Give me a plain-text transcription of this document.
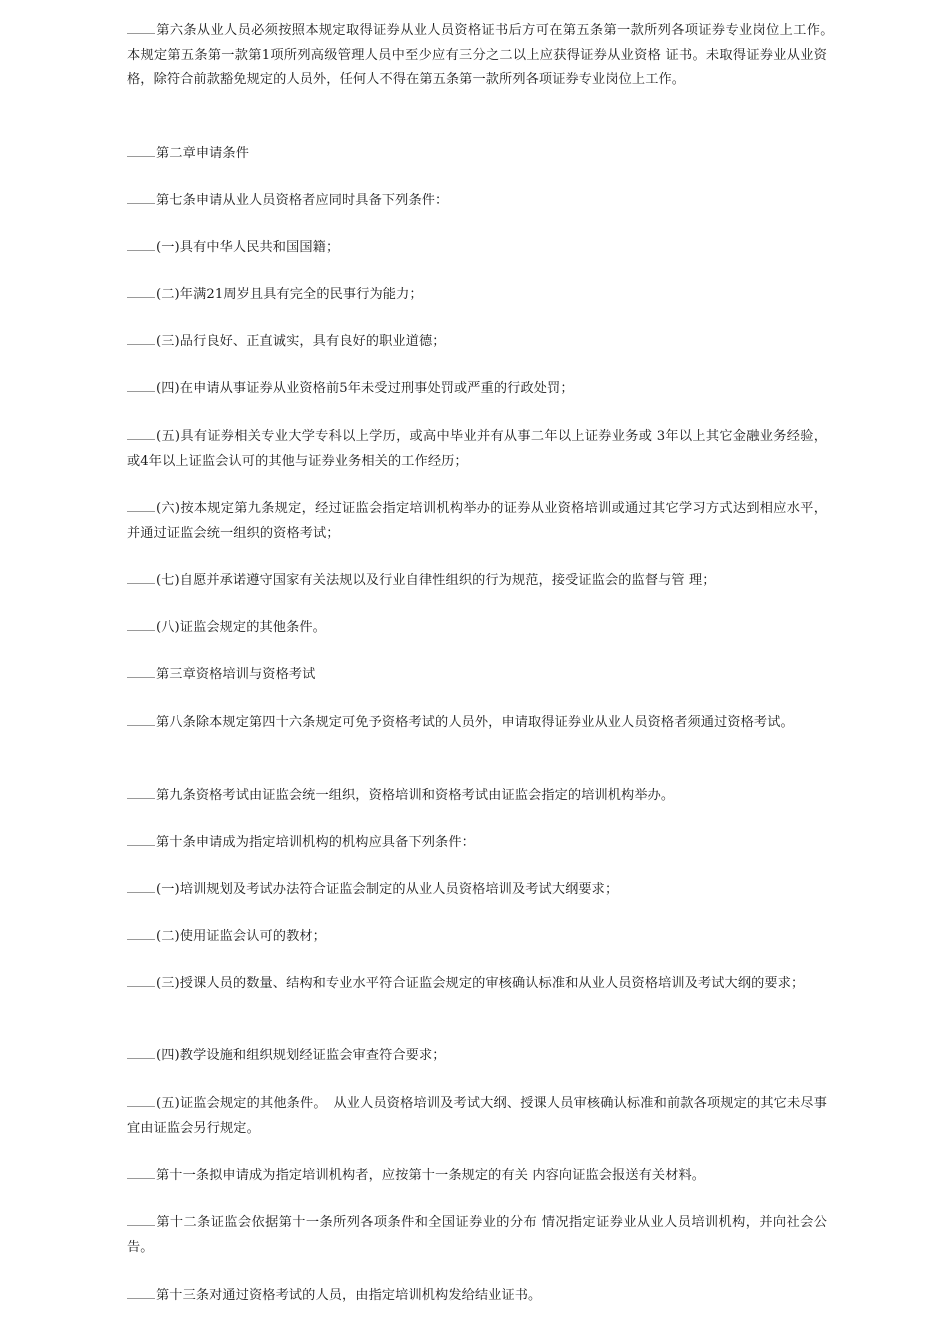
第六条从业人员必须按照本规定取得证券从业人员资格证书后方可在第五条第一款所列各项证券专业岗位上工作。　本规定第五条第一款第1项所列高级管理人员中至少应有三分之二以上应获得证券从业资格 证书。未取得证券业从业资格，除符合前款豁免规定的人员外，任何人不得在第五条第一款所列各项证券专业岗位上工作。

第二章申请条件

第七条申请从业人员资格者应同时具备下列条件：

(一)具有中华人民共和国国籍；

(二)年满21周岁且具有完全的民事行为能力；

(三)品行良好、正直诚实，具有良好的职业道德；

(四)在申请从事证券从业资格前5年未受过刑事处罚或严重的行政处罚；

(五)具有证券相关专业大学专科以上学历，或高中毕业并有从事二年以上证券业务或 3年以上其它金融业务经验，或4年以上证监会认可的其他与证券业务相关的工作经历；

(六)按本规定第九条规定，经过证监会指定培训机构举办的证券从业资格培训或通过其它学习方式达到相应水平，并通过证监会统一组织的资格考试；

(七)自愿并承诺遵守国家有关法规以及行业自律性组织的行为规范，接受证监会的监督与管 理；

(八)证监会规定的其他条件。

第三章资格培训与资格考试

第八条除本规定第四十六条规定可免予资格考试的人员外，申请取得证券业从业人员资格者须通过资格考试。

第九条资格考试由证监会统一组织，资格培训和资格考试由证监会指定的培训机构举办。

第十条申请成为指定培训机构的机构应具备下列条件：

(一)培训规划及考试办法符合证监会制定的从业人员资格培训及考试大纲要求；

(二)使用证监会认可的教材；

(三)授课人员的数量、结构和专业水平符合证监会规定的审核确认标准和从业人员资格培训及考试大纲的要求；

(四)教学设施和组织规划经证监会审查符合要求；

(五)证监会规定的其他条件。　从业人员资格培训及考试大纲、授课人员审核确认标准和前款各项规定的其它未尽事宜由证监会另行规定。

第十一条拟申请成为指定培训机构者，应按第十一条规定的有关 内容向证监会报送有关材料。

第十二条证监会依据第十一条所列各项条件和全国证券业的分布 情况指定证券业从业人员培训机构，并向社会公告。

第十三条对通过资格考试的人员，由指定培训机构发给结业证书。
